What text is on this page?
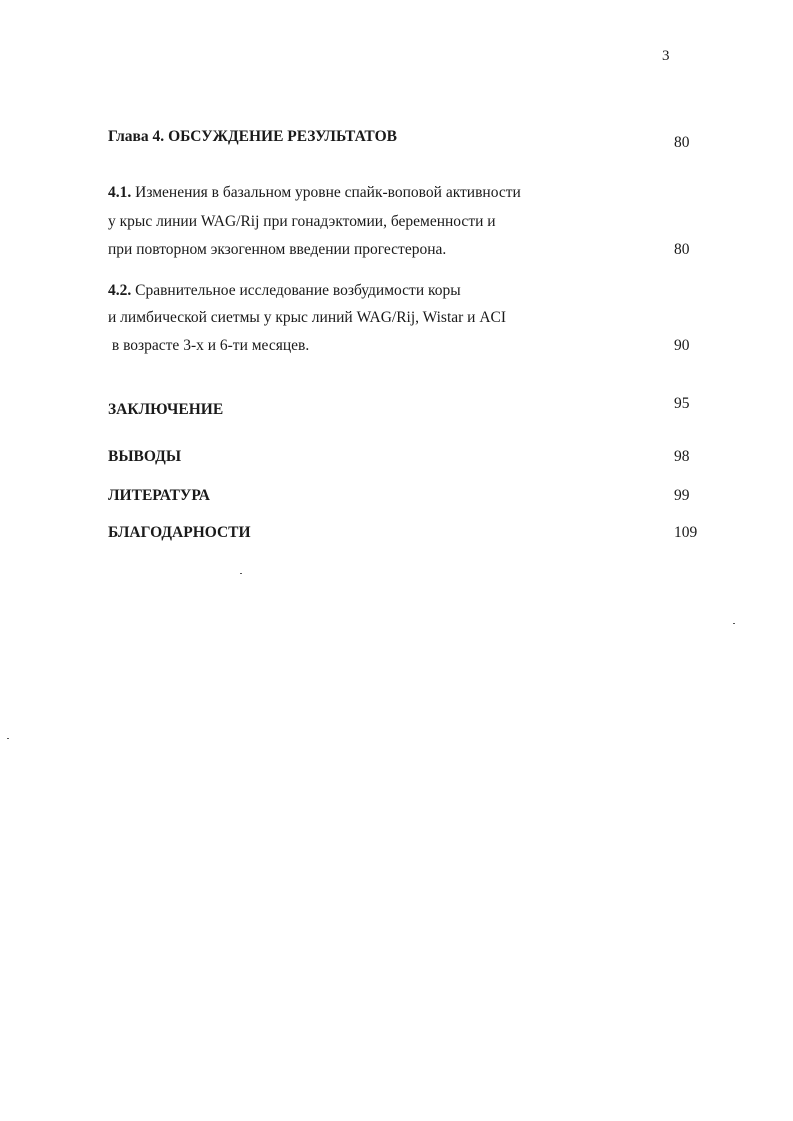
3
Глава 4. ОБСУЖДЕНИЕ РЕЗУЛЬТАТОВ	80
4.1. Изменения в базальном уровне спайк-воповой активности
у крыс линии WAG/Rij при гонадэктомии, беременности и
при повторном экзогенном введении прогестерона.	80
4.2. Сравнительное исследование возбудимости коры
и лимбической сиетмы у крыс линий WAG/Rij, Wistar и ACI
в возрасте 3-х и 6-ти месяцев.	90
ЗАКЛЮЧЕНИЕ	95
ВЫВОДЫ	98
ЛИТЕРАТУРА	99
БЛАГОДАРНОСТИ	109
